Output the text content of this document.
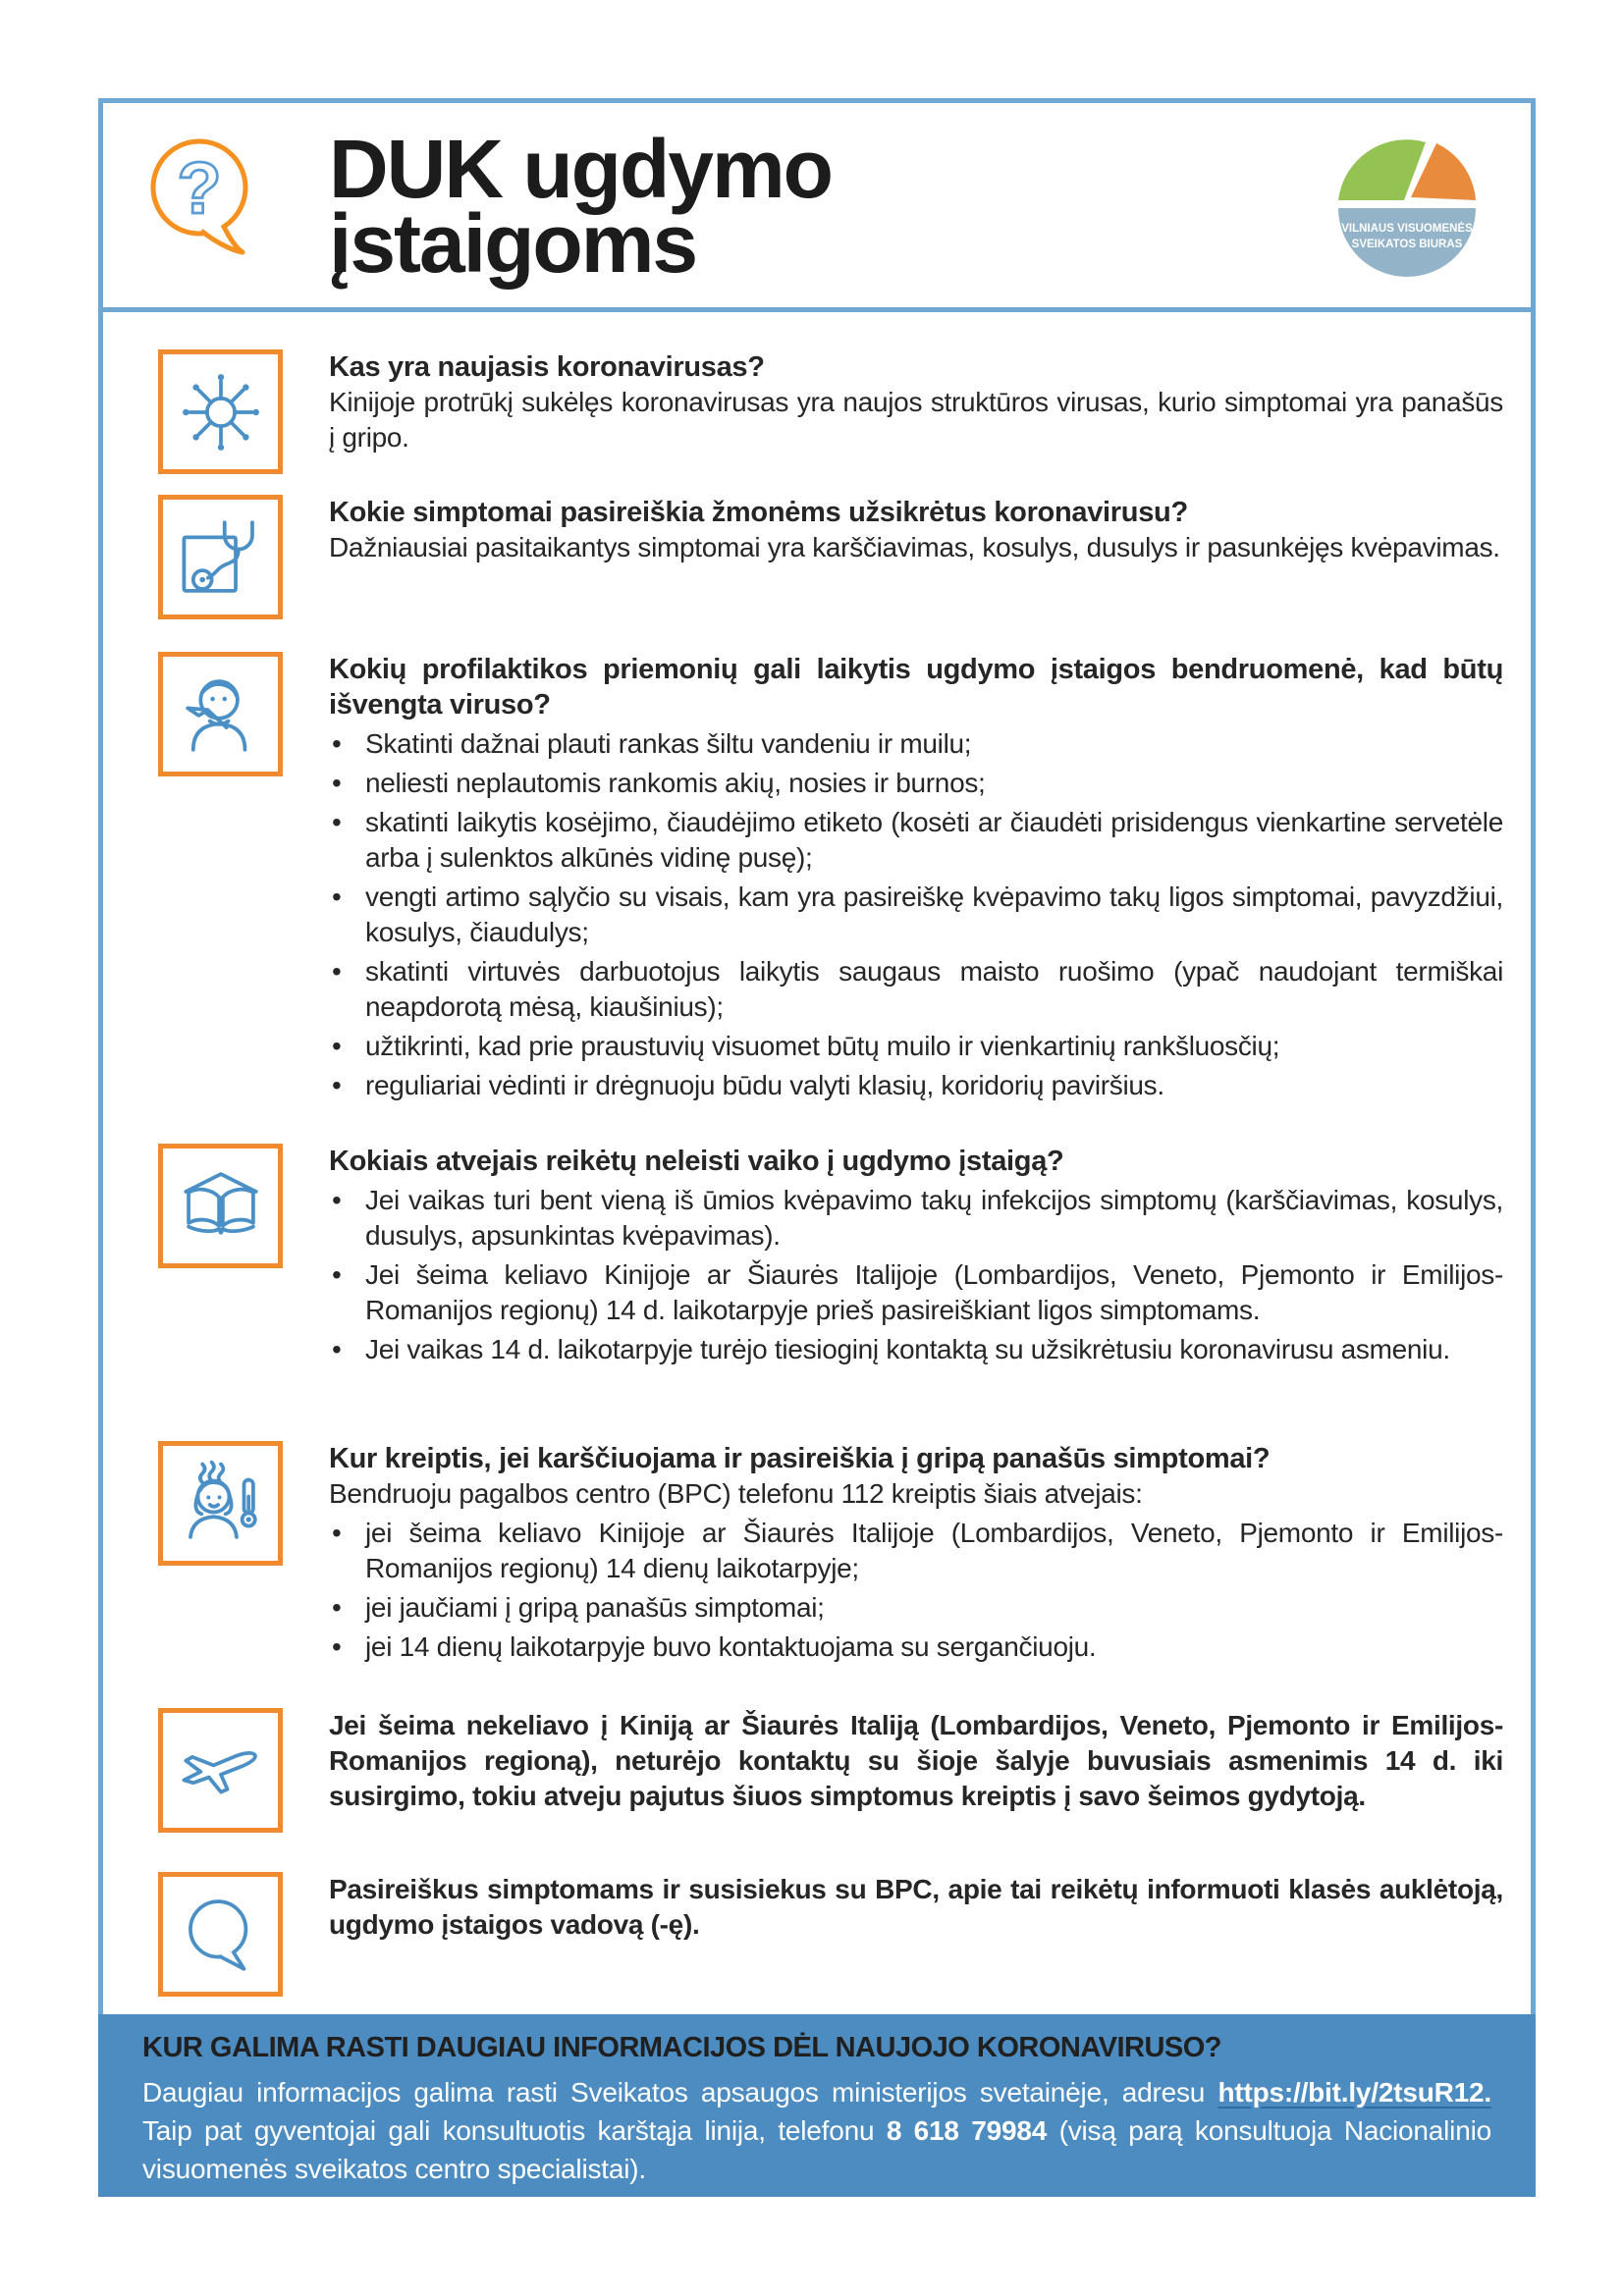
? DUK ugdymo
įstaigoms	VILNIAUS VISUOMENĖS
SVEIKATOS BIURAS
Kas yra naujasis koronavirusas?

Kinijoje protrūkį sukėlęs koronavirusas yra naujos struktūros virusas, kurio simptomai yra panašūs į gripo.

Kokie simptomai pasireiškia žmonėms užsikrėtus koronavirusu?

Dažniausiai pasitaikantys simptomai yra karščiavimas, kosulys, dusulys ir pasunkėjęs kvėpavimas.

Kokių profilaktikos priemonių gali laikytis ugdymo įstaigos bendruomenė, kad būtų išvengta viruso?
• Skatinti dažnai plauti rankas šiltu vandeniu ir muilu;
• neliesti neplautomis rankomis akių, nosies ir burnos;
• skatinti laikytis kosėjimo, čiaudėjimo etiketo (kosėti ar čiaudėti prisidengus vienkartine servetėle arba į sulenktos alkūnės vidinę pusę);
• vengti artimo sąlyčio su visais, kam yra pasireiškę kvėpavimo takų ligos simptomai, pavyzdžiui, kosulys, čiaudulys;
• skatinti virtuvės darbuotojus laikytis saugaus maisto ruošimo (ypač naudojant termiškai neapdorotą mėsą, kiaušinius);
• užtikrinti, kad prie praustuvių visuomet būtų muilo ir vienkartinių rankšluosčių;
• reguliariai vėdinti ir drėgnuoju būdu valyti klasių, koridorių paviršius.
Kokiais atvejais reikėtų neleisti vaiko į ugdymo įstaigą?
• Jei vaikas turi bent vieną iš ūmios kvėpavimo takų infekcijos simptomų (karščiavimas, kosulys, dusulys, apsunkintas kvėpavimas).
• Jei šeima keliavo Kinijoje ar Šiaurės Italijoje (Lombardijos, Veneto, Pjemonto ir Emilijos-Romanijos regionų) 14 d. laikotarpyje prieš pasireiškiant ligos simptomams.
• Jei vaikas 14 d. laikotarpyje turėjo tiesioginį kontaktą su užsikrėtusiu koronavirusu asmeniu.
Kur kreiptis, jei karščiuojama ir pasireiškia į gripą panašūs simptomai?

Bendruoju pagalbos centro (BPC) telefonu 112 kreiptis šiais atvejais:

• jei šeima keliavo Kinijoje ar Šiaurės Italijoje (Lombardijos, Veneto, Pjemonto ir Emilijos-Romanijos regionų) 14 dienų laikotarpyje;
• jei jaučiami į gripą panašūs simptomai;
• jei 14 dienų laikotarpyje buvo kontaktuojama su sergančiuoju.

Jei šeima nekeliavo į Kiniją ar Šiaurės Italiją (Lombardijos, Veneto, Pjemonto ir Emilijos-Romanijos regioną), neturėjo kontaktų su šioje šalyje buvusiais asmenimis 14 d. iki susirgimo, tokiu atveju pajutus šiuos simptomus kreiptis į savo šeimos gydytoją.

Pasireiškus simptomams ir susisiekus su BPC, apie tai reikėtų informuoti klasės auklėtoją, ugdymo įstaigos vadovą (-ę).

KUR GALIMA RASTI DAUGIAU INFORMACIJOS DĖL NAUJOJO KORONAVIRUSO?
Daugiau informacijos galima rasti Sveikatos apsaugos ministerijos svetainėje, adresu https://bit.ly/2tsuR12. Taip pat gyventojai gali konsultuotis karštąja linija, telefonu 8 618 79984 (visą parą konsultuoja Nacionalinio visuomenės sveikatos centro specialistai).
